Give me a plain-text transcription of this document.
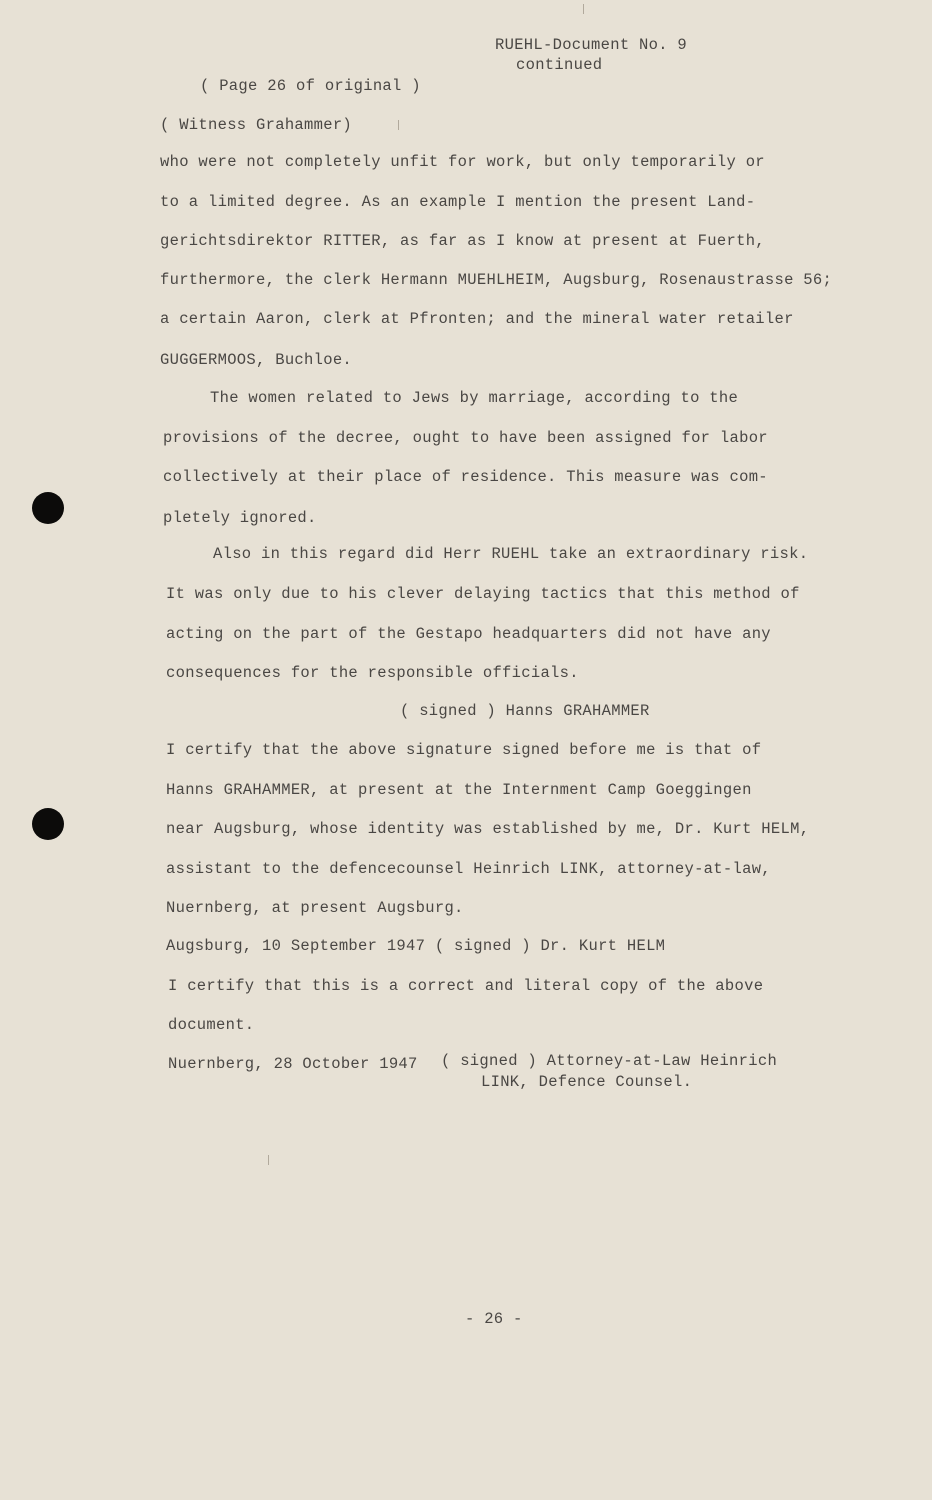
RUEHL-Document No. 9
continued
( Page 26 of original )
( Witness Grahammer)
who were not completely unfit for work, but only temporarily or
to a limited degree. As an example I mention the present Land-
gerichtsdirektor RITTER, as far as I know at present at Fuerth,
furthermore, the clerk Hermann MUEHLHEIM, Augsburg, Rosenaustrasse 56;
a certain Aaron, clerk at Pfronten; and the mineral water retailer
GUGGERMOOS, Buchloe.
The women related to Jews by marriage, according to the
provisions of the decree, ought to have been assigned for labor
collectively at their place of residence. This measure was com-
pletely ignored.
Also in this regard did Herr RUEHL take an extraordinary risk.
It was only due to his clever delaying tactics that this method of
acting on the part of the Gestapo headquarters did not have any
consequences for the responsible officials.
( signed ) Hanns GRAHAMMER
I certify that the above signature signed before me is that of
Hanns GRAHAMMER, at present at the Internment Camp Goeggingen
near Augsburg, whose identity was established by me, Dr. Kurt HELM,
assistant to the defencecounsel Heinrich LINK, attorney-at-law,
Nuernberg, at present Augsburg.
Augsburg, 10 September 1947 ( signed ) Dr. Kurt HELM
I certify that this is a correct and literal copy of the above
document.
Nuernberg, 28 October 1947 ( signed ) Attorney-at-Law Heinrich
LINK, Defence Counsel.
- 26 -
